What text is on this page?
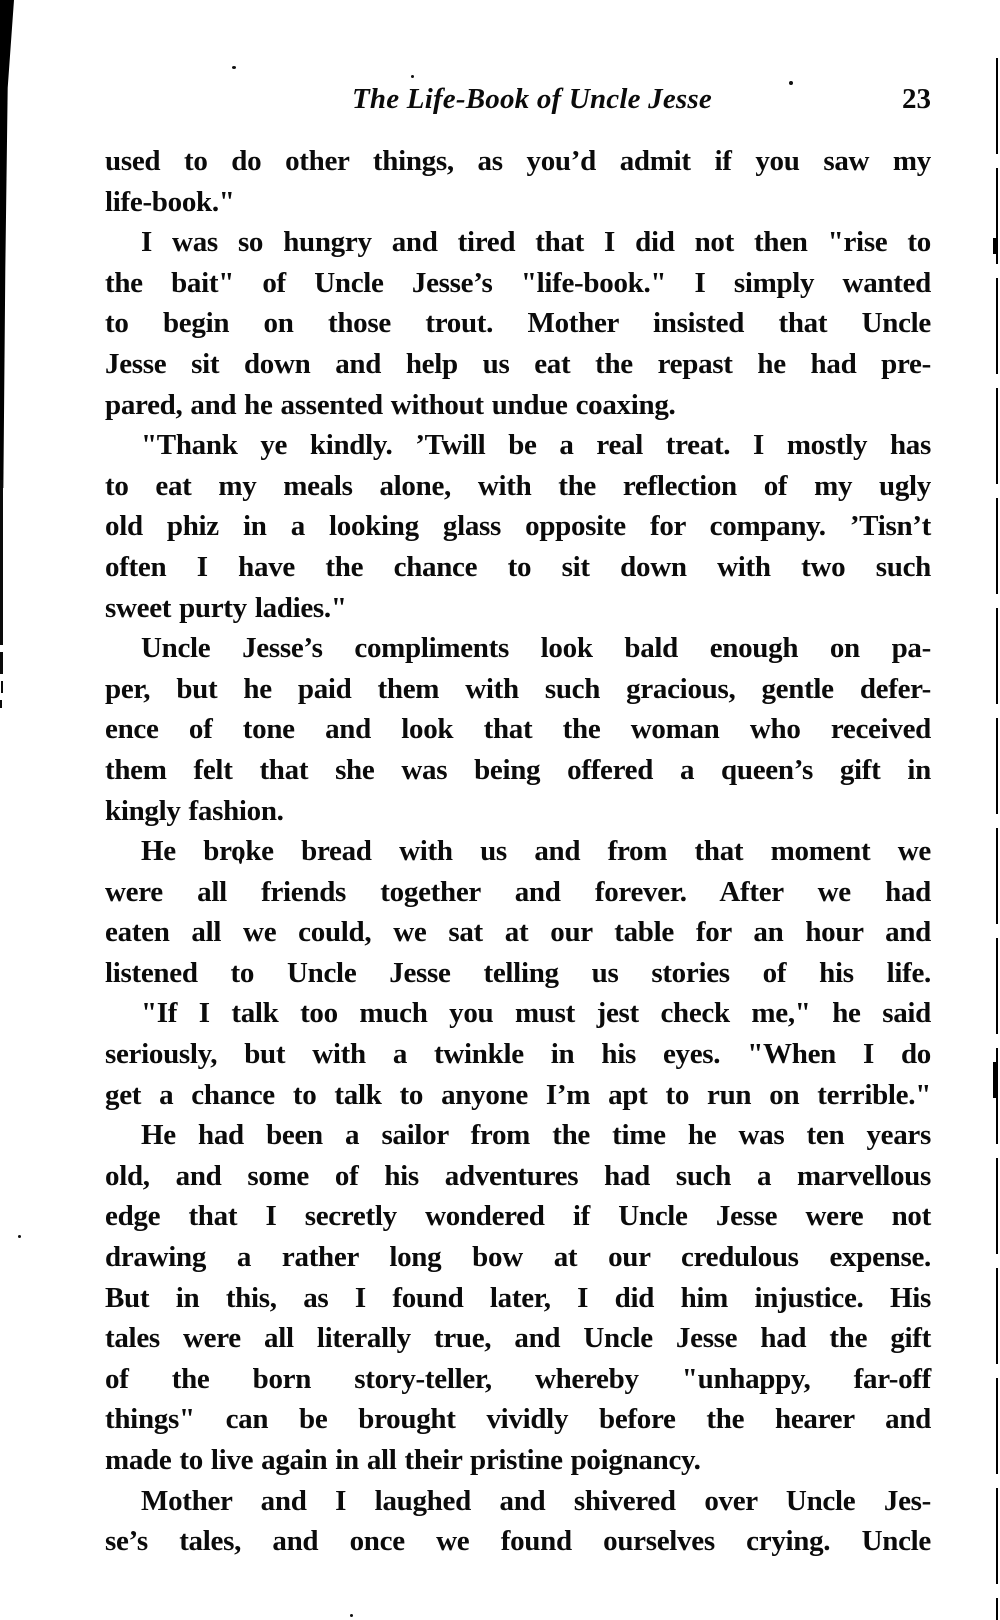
The Life-Book of Uncle Jesse	23
used to do other things, as you’d admit if you saw my
life-book."
I was so hungry and tired that I did not then "rise to
the bait" of Uncle Jesse’s "life-book." I simply wanted
to begin on those trout. Mother insisted that Uncle
Jesse sit down and help us eat the repast he had pre-
pared, and he assented without undue coaxing.
"Thank ye kindly. ’Twill be a real treat. I mostly has
to eat my meals alone, with the reflection of my ugly
old phiz in a looking glass opposite for company. ’Tisn’t
often I have the chance to sit down with two such
sweet purty ladies."
Uncle Jesse’s compliments look bald enough on pa-
per, but he paid them with such gracious, gentle defer-
ence of tone and look that the woman who received
them felt that she was being offered a queen’s gift in
kingly fashion.
He broke bread with us and from that moment we
were all friends together and forever. After we had
eaten all we could, we sat at our table for an hour and
listened to Uncle Jesse telling us stories of his life.
"If I talk too much you must jest check me," he said
seriously, but with a twinkle in his eyes. "When I do
get a chance to talk to anyone I’m apt to run on terrible."
He had been a sailor from the time he was ten years
old, and some of his adventures had such a marvellous
edge that I secretly wondered if Uncle Jesse were not
drawing a rather long bow at our credulous expense.
But in this, as I found later, I did him injustice. His
tales were all literally true, and Uncle Jesse had the gift
of the born story-teller, whereby "unhappy, far-off
things" can be brought vividly before the hearer and
made to live again in all their pristine poignancy.
Mother and I laughed and shivered over Uncle Jes-
se’s tales, and once we found ourselves crying. Uncle
